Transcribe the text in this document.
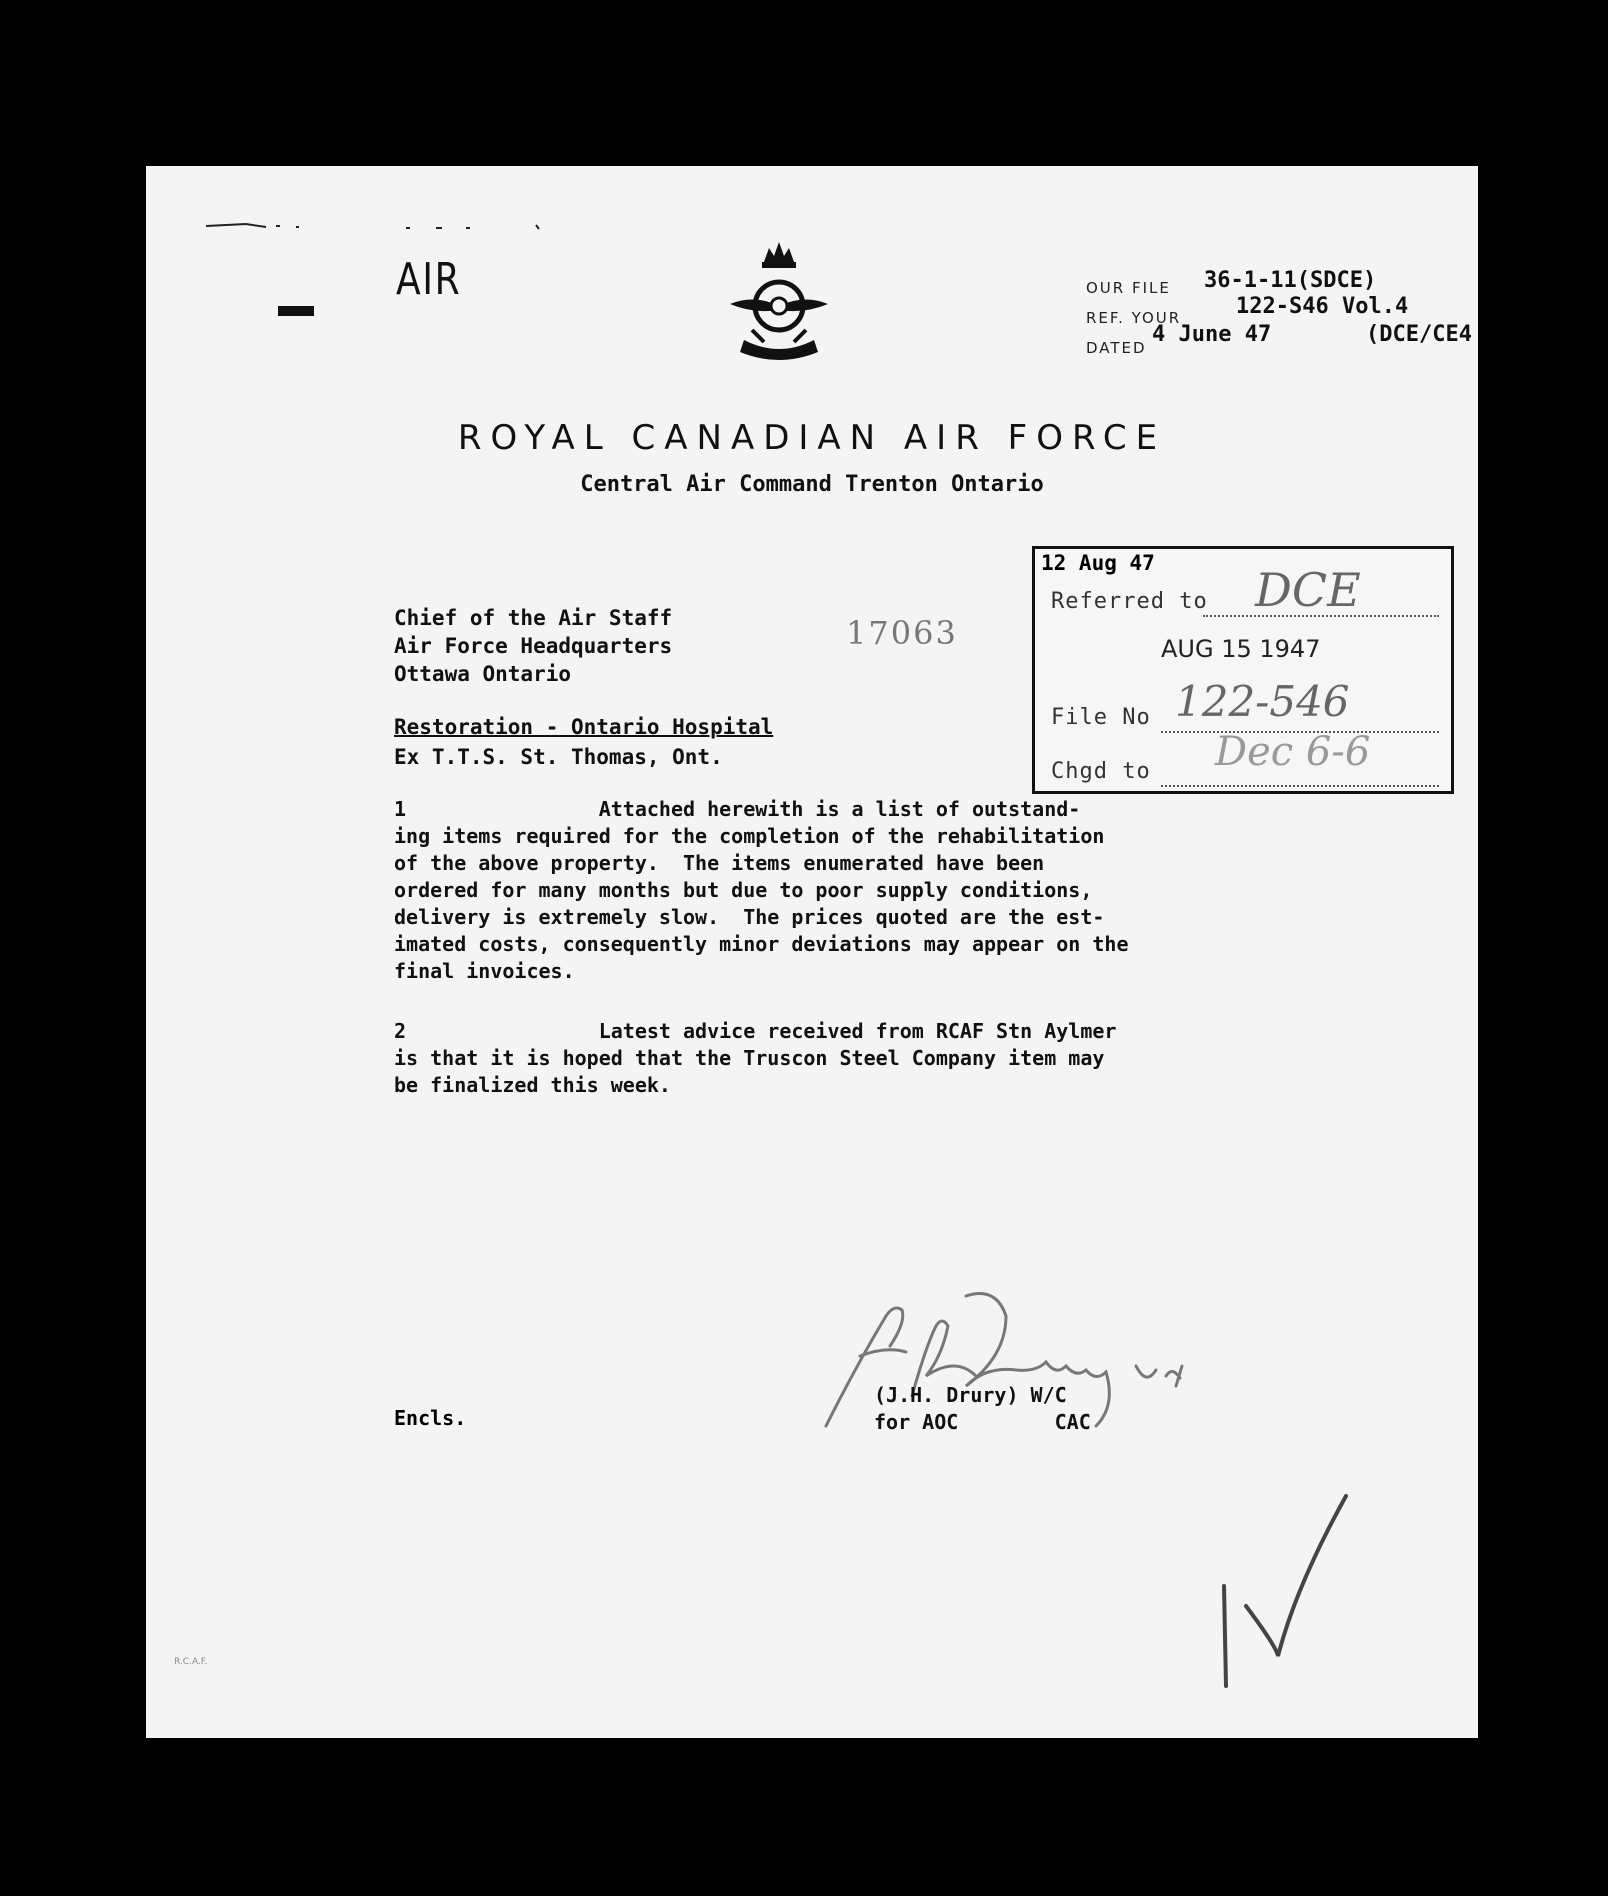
AIR	OUR FILE 36-1-11(SDCE)
REF. YOUR 122-S46 Vol.4
DATED
4 June 47	(DCE/CE4
ROYAL CANADIAN AIR FORCE
Central Air Command Trenton Ontario
17063
12 Aug 47
Referred to DCE
AUG 15 1947
File No 122-546
Chgd to Dec 6-6
Chief of the Air Staff
Air Force Headquarters
Ottawa Ontario
Restoration - Ontario Hospital
Ex T.T.S. St. Thomas, Ont.
1                Attached herewith is a list of outstand-
ing items required for the completion of the rehabilitation
of the above property.  The items enumerated have been
ordered for many months but due to poor supply conditions,
delivery is extremely slow.  The prices quoted are the est-
imated costs, consequently minor deviations may appear on the
final invoices.
2                Latest advice received from RCAF Stn Aylmer
is that it is hoped that the Truscon Steel Company item may
be finalized this week.
(J.H. Drury) W/C
for AOC        CAC
Encls.
R.C.A.F.
